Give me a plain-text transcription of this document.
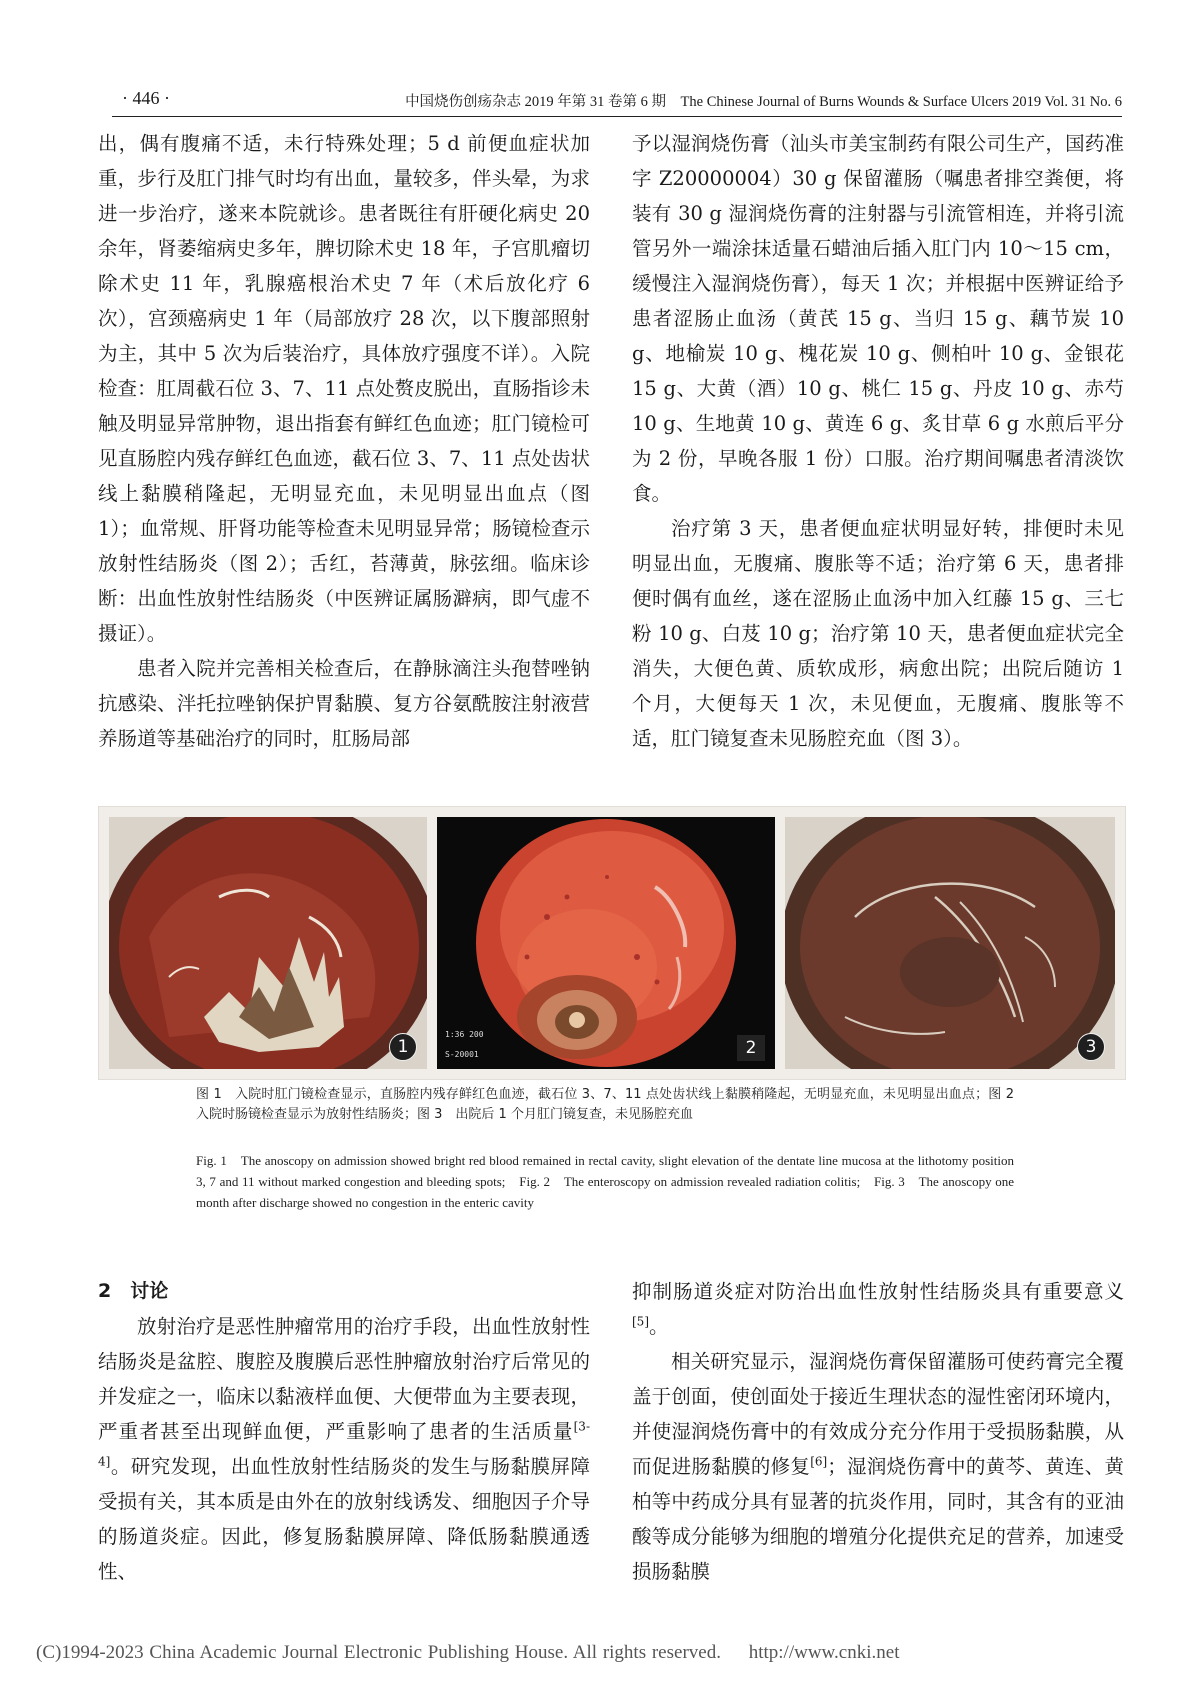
· 446 ·	中国烧伤创疡杂志 2019 年第 31 卷第 6 期　The Chinese Journal of Burns Wounds & Surface Ulcers 2019 Vol. 31 No. 6

出，偶有腹痛不适，未行特殊处理；5 d 前便血症状加重，步行及肛门排气时均有出血，量较多，伴头晕，为求进一步治疗，遂来本院就诊。患者既往有肝硬化病史 20 余年，肾萎缩病史多年，脾切除术史 18 年，子宫肌瘤切除术史 11 年，乳腺癌根治术史 7 年（术后放化疗 6 次），宫颈癌病史 1 年（局部放疗 28 次，以下腹部照射为主，其中 5 次为后装治疗，具体放疗强度不详）。入院检查：肛周截石位 3、7、11 点处赘皮脱出，直肠指诊未触及明显异常肿物，退出指套有鲜红色血迹；肛门镜检可见直肠腔内残存鲜红色血迹，截石位 3、7、11 点处齿状线上黏膜稍隆起，无明显充血，未见明显出血点（图 1）；血常规、肝肾功能等检查未见明显异常；肠镜检查示放射性结肠炎（图 2）；舌红，苔薄黄，脉弦细。临床诊断：出血性放射性结肠炎（中医辨证属肠澼病，即气虚不摄证）。

患者入院并完善相关检查后，在静脉滴注头孢替唑钠抗感染、泮托拉唑钠保护胃黏膜、复方谷氨酰胺注射液营养肠道等基础治疗的同时，肛肠局部

予以湿润烧伤膏（汕头市美宝制药有限公司生产，国药准字 Z20000004）30 g 保留灌肠（嘱患者排空粪便，将装有 30 g 湿润烧伤膏的注射器与引流管相连，并将引流管另外一端涂抹适量石蜡油后插入肛门内 10～15 cm，缓慢注入湿润烧伤膏），每天 1 次；并根据中医辨证给予患者涩肠止血汤（黄芪 15 g、当归 15 g、藕节炭 10 g、地榆炭 10 g、槐花炭 10 g、侧柏叶 10 g、金银花 15 g、大黄（酒）10 g、桃仁 15 g、丹皮 10 g、赤芍 10 g、生地黄 10 g、黄连 6 g、炙甘草 6 g 水煎后平分为 2 份，早晚各服 1 份）口服。治疗期间嘱患者清淡饮食。

治疗第 3 天，患者便血症状明显好转，排便时未见明显出血，无腹痛、腹胀等不适；治疗第 6 天，患者排便时偶有血丝，遂在涩肠止血汤中加入红藤 15 g、三七粉 10 g、白芨 10 g；治疗第 10 天，患者便血症状完全消失，大便色黄、质软成形，病愈出院；出院后随访 1 个月，大便每天 1 次，未见便血，无腹痛、腹胀等不适，肛门镜复查未见肠腔充血（图 3）。

1
1:36 200
S-20001	2	3
图 1　入院时肛门镜检查显示，直肠腔内残存鲜红色血迹，截石位 3、7、11 点处齿状线上黏膜稍隆起，无明显充血，未见明显出血点；图 2　入院时肠镜检查显示为放射性结肠炎；图 3　出院后 1 个月肛门镜复查，未见肠腔充血
Fig. 1　The anoscopy on admission showed bright red blood remained in rectal cavity, slight elevation of the dentate line mucosa at the lithotomy position 3, 7 and 11 without marked congestion and bleeding spots;　Fig. 2　The enteroscopy on admission revealed radiation colitis;　Fig. 3　The anoscopy one month after discharge showed no congestion in the enteric cavity

2　讨论

放射治疗是恶性肿瘤常用的治疗手段，出血性放射性结肠炎是盆腔、腹腔及腹膜后恶性肿瘤放射治疗后常见的并发症之一，临床以黏液样血便、大便带血为主要表现，严重者甚至出现鲜血便，严重影响了患者的生活质量[3-4]。研究发现，出血性放射性结肠炎的发生与肠黏膜屏障受损有关，其本质是由外在的放射线诱发、细胞因子介导的肠道炎症。因此，修复肠黏膜屏障、降低肠黏膜通透性、

抑制肠道炎症对防治出血性放射性结肠炎具有重要意义[5]。

相关研究显示，湿润烧伤膏保留灌肠可使药膏完全覆盖于创面，使创面处于接近生理状态的湿性密闭环境内，并使湿润烧伤膏中的有效成分充分作用于受损肠黏膜，从而促进肠黏膜的修复[6]；湿润烧伤膏中的黄芩、黄连、黄柏等中药成分具有显著的抗炎作用，同时，其含有的亚油酸等成分能够为细胞的增殖分化提供充足的营养，加速受损肠黏膜

(C)1994-2023 China Academic Journal Electronic Publishing House. All rights reserved. http://www.cnki.net
